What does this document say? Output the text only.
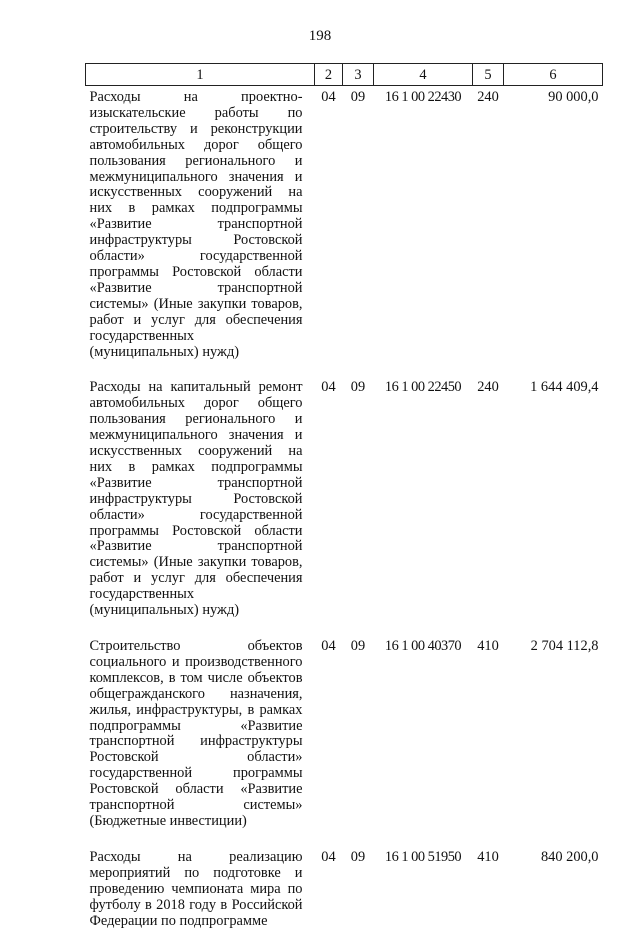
198
1	2	3	4	5	6
Расходы на проектно-изыскательские работы по строительству и реконструкции автомобильных дорог общего пользования регионального и межмуниципального значения и искусственных сооружений на них в рамках подпрограммы «Развитие транспортной инфраструктуры Ростовской области» государственной программы Ростовской области «Развитие транспортной системы» (Иные закупки товаров, работ и услуг для обеспечения государственных (муниципальных) нужд)	04	09	16 1 00 22430	240	90 000,0
Расходы на капитальный ремонт автомобильных дорог общего пользования регионального и межмуниципального значения и искусственных сооружений на них в рамках подпрограммы «Развитие транспортной инфраструктуры Ростовской области» государственной программы Ростовской области «Развитие транспортной системы» (Иные закупки товаров, работ и услуг для обеспечения государственных (муниципальных) нужд)	04	09	16 1 00 22450	240	1 644 409,4
Строительство объектов социального и производственного комплексов, в том числе объектов общегражданского назначения, жилья, инфраструктуры, в рамках подпрограммы «Развитие транспортной инфраструктуры Ростовской области» государственной программы Ростовской области «Развитие транспортной системы» (Бюджетные инвестиции)	04	09	16 1 00 40370	410	2 704 112,8
Расходы на реализацию мероприятий по подготовке и проведению чемпионата мира по футболу в 2018 году в Российской Федерации по подпрограмме	04	09	16 1 00 51950	410	840 200,0
